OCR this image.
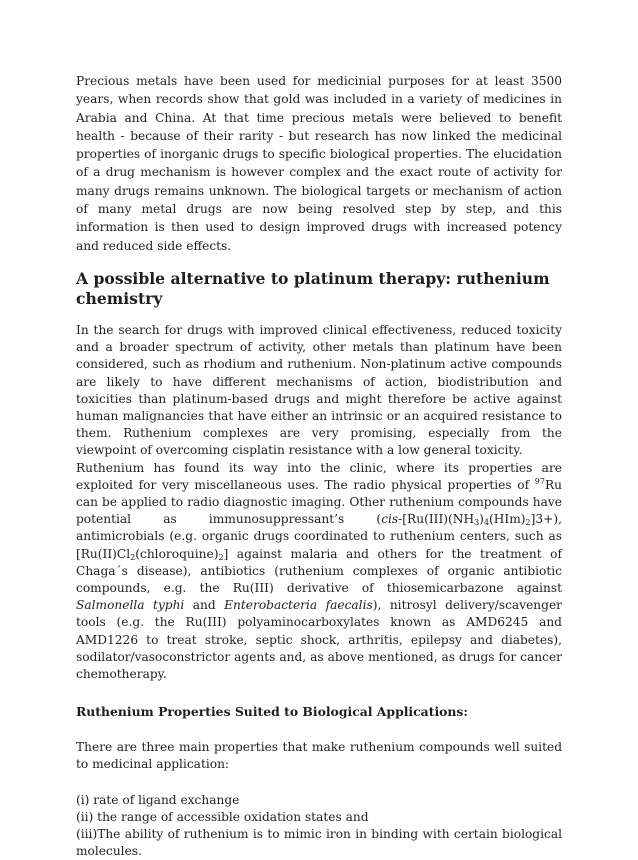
Precious metals have been used for medicinial purposes for at least 3500 years, when records show that gold was included in a variety of medicines in Arabia and China. At that time precious metals were believed to benefit health - because of their rarity - but research has now linked the medicinal properties of inorganic drugs to specific biological properties. The elucidation of a drug mechanism is however complex and the exact route of activity for many drugs remains unknown. The biological targets or mechanism of action of many metal drugs are now being resolved step by step, and this information is then used to design improved drugs with increased potency and reduced side effects.

A possible alternative to platinum therapy: ruthenium chemistry

In the search for drugs with improved clinical effectiveness, reduced toxicity and a broader spectrum of activity, other metals than platinum have been considered, such as rhodium and ruthenium. Non-platinum active compounds are likely to have different mechanisms of action, biodistribution and toxicities than platinum-based drugs and might therefore be active against human malignancies that have either an intrinsic or an acquired resistance to them. Ruthenium complexes are very promising, especially from the viewpoint of overcoming cisplatin resistance with a low general toxicity.

Ruthenium has found its way into the clinic, where its properties are exploited for very miscellaneous uses. The radio physical properties of $^{97}$Ru can be applied to radio diagnostic imaging. Other ruthenium compounds have potential as immunosuppressant’s $(cis-[Ru(III)(NH_3)_4(HIm)_2]3+)$, antimicrobials (e.g. organic drugs coordinated to ruthenium centers, such as $[Ru(II)Cl_2(chloroquine)_2]$ against malaria and others for the treatment of Chaga´s disease), antibiotics (ruthenium complexes of organic antibiotic compounds, e.g. the Ru(III) derivative of thiosemicarbazone against Salmonella typhi and Enterobacteria faecalis), nitrosyl delivery/scavenger tools (e.g. the Ru(III) polyaminocarboxylates known as AMD6245 and AMD1226 to treat stroke, septic shock, arthritis, epilepsy and diabetes), sodilator/vasoconstrictor agents and, as above mentioned, as drugs for cancer chemotherapy.

Ruthenium Properties Suited to Biological Applications:

There are three main properties that make ruthenium compounds well suited to medicinal application:

(i) rate of ligand exchange

(ii) the range of accessible oxidation states and

(iii)The ability of ruthenium is to mimic iron in binding with certain biological molecules.
